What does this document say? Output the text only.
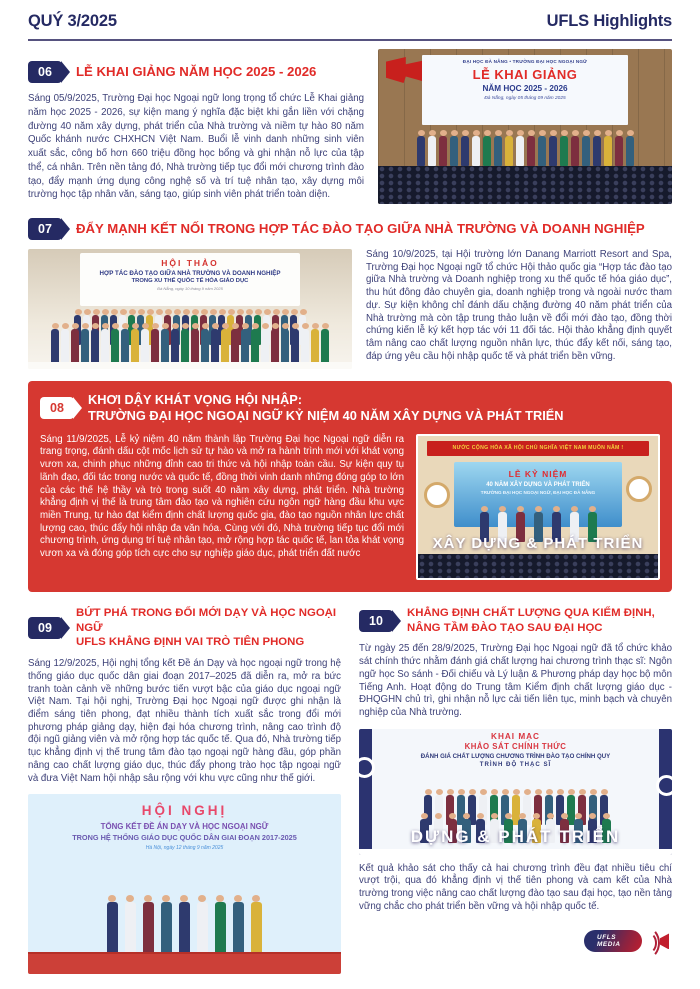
QUÝ 3/2025	UFLS Highlights
06	LỄ KHAI GIẢNG NĂM HỌC 2025 - 2026

Sáng 05/9/2025, Trường Đại học Ngoại ngữ long trọng tổ chức Lễ Khai giảng năm học 2025 - 2026, sự kiện mang ý nghĩa đặc biệt khi gắn liền với chặng đường 40 năm xây dựng, phát triển của Nhà trường và niềm tự hào 80 năm Quốc khánh nước CHXHCN Việt Nam. Buổi lễ vinh danh những sinh viên xuất sắc, công bố hơn 660 triệu đồng học bổng và ghi nhận nỗ lực của tập thể, cá nhân. Trên nền tảng đó, Nhà trường tiếp tục đổi mới chương trình đào tạo, đẩy mạnh ứng dụng công nghệ số và trí tuệ nhân tạo, xây dựng môi trường học tập nhân văn, sáng tạo, giúp sinh viên phát triển toàn diện.

ĐẠI HỌC ĐÀ NẴNG • TRƯỜNG ĐẠI HỌC NGOẠI NGỮ
LỄ KHAI GIẢNG
NĂM HỌC 2025 - 2026
Đà Nẵng, ngày 05 tháng 09 năm 2025
07	ĐẨY MẠNH KẾT NỐI TRONG HỢP TÁC ĐÀO TẠO GIỮA NHÀ TRƯỜNG VÀ DOANH NGHIỆP
HỘI THẢO
HỢP TÁC ĐÀO TẠO GIỮA NHÀ TRƯỜNG VÀ DOANH NGHIỆP
TRONG XU THẾ QUỐC TẾ HÓA GIÁO DỤC
Đà Nẵng, ngày 10 tháng 9 năm 2025

Sáng 10/9/2025, tại Hội trường lớn Danang Marriott Resort and Spa, Trường Đại học Ngoại ngữ tổ chức Hội thảo quốc gia “Hợp tác đào tạo giữa Nhà trường và Doanh nghiệp trong xu thế quốc tế hóa giáo dục”, thu hút đông đảo chuyên gia, doanh nghiệp trong và ngoài nước tham dự. Sự kiện không chỉ đánh dấu chặng đường 40 năm phát triển của Nhà trường mà còn tập trung thảo luận về đổi mới đào tạo, đồng thời chứng kiến lễ ký kết hợp tác với 11 đối tác. Hội thảo khẳng định quyết tâm nâng cao chất lượng nguồn nhân lực, thúc đẩy kết nối, sáng tạo, đáp ứng yêu cầu hội nhập quốc tế và phát triển bền vững.

08
KHƠI DẬY KHÁT VỌNG HỘI NHẬP:
TRƯỜNG ĐẠI HỌC NGOẠI NGỮ KỶ NIỆM 40 NĂM XÂY DỰNG VÀ PHÁT TRIỂN

Sáng 11/9/2025, Lễ kỷ niệm 40 năm thành lập Trường Đại học Ngoại ngữ diễn ra trang trọng, đánh dấu cột mốc lịch sử tự hào và mở ra hành trình mới với khát vọng vươn xa, chinh phục những đỉnh cao tri thức và hội nhập toàn cầu. Sự kiện quy tụ lãnh đạo, đối tác trong nước và quốc tế, đồng thời vinh danh những đóng góp to lớn của các thế hệ thầy và trò trong suốt 40 năm xây dựng, phát triển. Nhà trường khẳng định vị thế là trung tâm đào tạo và nghiên cứu ngôn ngữ hàng đầu khu vực miền Trung, tự hào đạt kiểm định chất lượng quốc gia, đào tạo nguồn nhân lực chất lượng cao, thúc đẩy hội nhập đa văn hóa. Cùng với đó, Nhà trường tiếp tục đổi mới chương trình, ứng dụng trí tuệ nhân tạo, mở rộng hợp tác quốc tế, lan tỏa khát vọng vươn xa và đóng góp tích cực cho sự nghiệp giáo dục, phát triển đất nước

NƯỚC CỘNG HÒA XÃ HỘI CHỦ NGHĨA VIỆT NAM MUÔN NĂM !
LỄ KỶ NIỆM
40 NĂM XÂY DỰNG VÀ PHÁT TRIỂN
TRƯỜNG ĐẠI HỌC NGOẠI NGỮ, ĐẠI HỌC ĐÀ NẴNG
XÂY DỰNG & PHÁT TRIỂN
09
BỨT PHÁ TRONG ĐỔI MỚI DẠY VÀ HỌC NGOẠI NGỮ
UFLS KHẲNG ĐỊNH VAI TRÒ TIÊN PHONG

Sáng 12/9/2025, Hội nghị tổng kết Đề án Dạy và học ngoại ngữ trong hệ thống giáo dục quốc dân giai đoạn 2017–2025 đã diễn ra, mở ra bức tranh toàn cảnh về những bước tiến vượt bậc của giáo dục ngoại ngữ Việt Nam. Tại hội nghị, Trường Đại học Ngoại ngữ được ghi nhận là điểm sáng tiên phong, đạt nhiều thành tích xuất sắc trong đổi mới phương pháp giảng dạy, hiện đại hóa chương trình, nâng cao trình độ đội ngũ giảng viên và mở rộng hợp tác quốc tế. Qua đó, Nhà trường tiếp tục khẳng định vị thế trung tâm đào tạo ngoại ngữ hàng đầu, góp phần nâng cao chất lượng giáo dục, thúc đẩy phong trào học tập ngoại ngữ và đưa Việt Nam hội nhập sâu rộng với khu vực cũng như thế giới.

HỘI NGHỊ
TỔNG KẾT ĐỀ ÁN DẠY VÀ HỌC NGOẠI NGỮ
TRONG HỆ THỐNG GIÁO DỤC QUỐC DÂN GIAI ĐOẠN 2017-2025
Hà Nội, ngày 12 tháng 9 năm 2025
10
KHẲNG ĐỊNH CHẤT LƯỢNG QUA KIỂM ĐỊNH,
NÂNG TẦM ĐÀO TẠO SAU ĐẠI HỌC

Từ ngày 25 đến 28/9/2025, Trường Đại học Ngoại ngữ đã tổ chức khảo sát chính thức nhằm đánh giá chất lượng hai chương trình thạc sĩ: Ngôn ngữ học So sánh - Đối chiếu và Lý luận & Phương pháp dạy học bộ môn Tiếng Anh. Hoạt động do Trung tâm Kiểm định chất lượng giáo dục - ĐHQGHN chủ trì, ghi nhận nỗ lực cải tiến liên tục, minh bạch và chuyên nghiệp của Nhà trường.

KHAI MẠC
KHẢO SÁT CHÍNH THỨC
ĐÁNH GIÁ CHẤT LƯỢNG CHƯƠNG TRÌNH ĐÀO TẠO CHÍNH QUY
TRÌNH ĐỘ THẠC SĨ
DỰNG & PHÁT TRIỂN

Kết quả khảo sát cho thấy cả hai chương trình đều đạt nhiều tiêu chí vượt trội, qua đó khẳng định vị thế tiên phong và cam kết của Nhà trường trong việc nâng cao chất lượng đào tạo sau đại học, tạo nền tảng vững chắc cho phát triển bền vững và hội nhập quốc tế.

UFLS
MEDIA
